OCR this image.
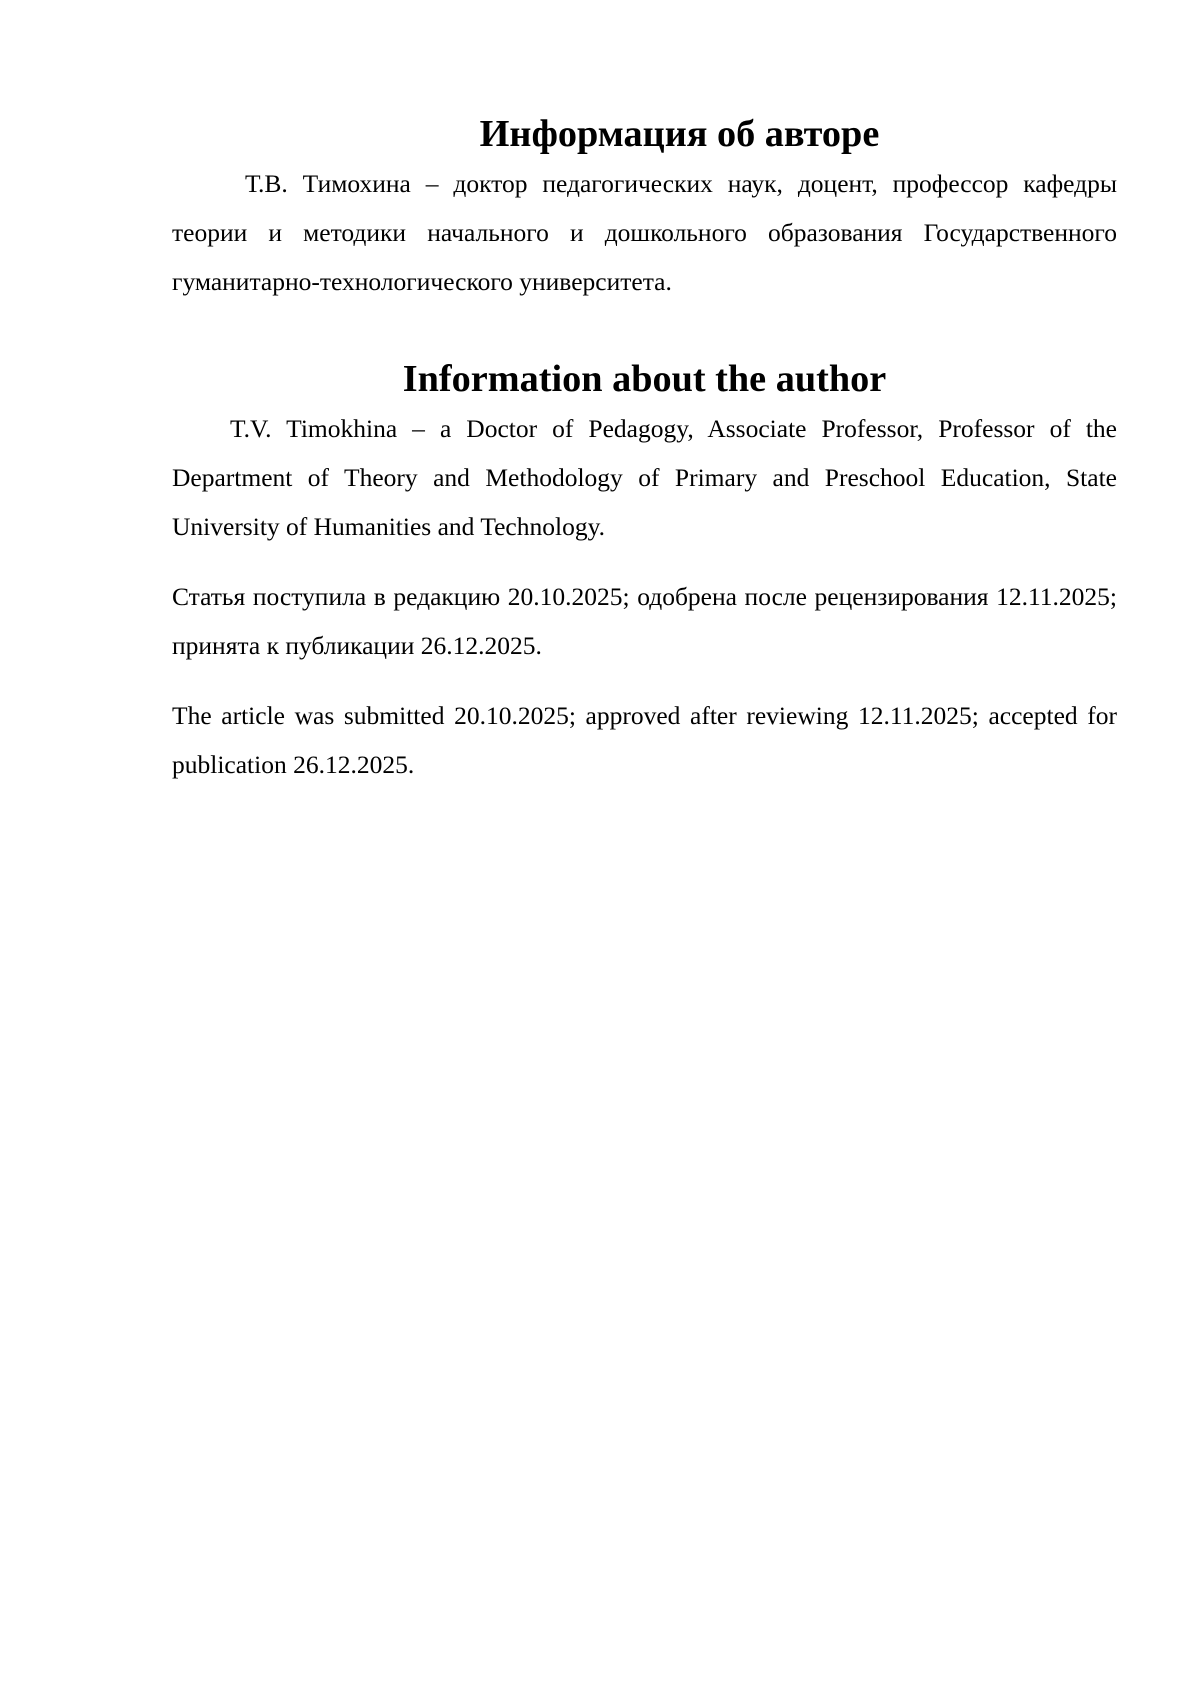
Информация об авторе

Т.В. Тимохина – доктор педагогических наук, доцент, профессор кафедры теории и методики начального и дошкольного образования Государственного гуманитарно-технологического университета.

Information about the author

T.V. Timokhina – a Doctor of Pedagogy, Associate Professor, Professor of the Department of Theory and Methodology of Primary and Preschool Education, State University of Humanities and Technology.

Статья поступила в редакцию 20.10.2025; одобрена после рецензирования 12.11.2025; принята к публикации 26.12.2025.

The article was submitted 20.10.2025; approved after reviewing 12.11.2025; accepted for publication 26.12.2025.
